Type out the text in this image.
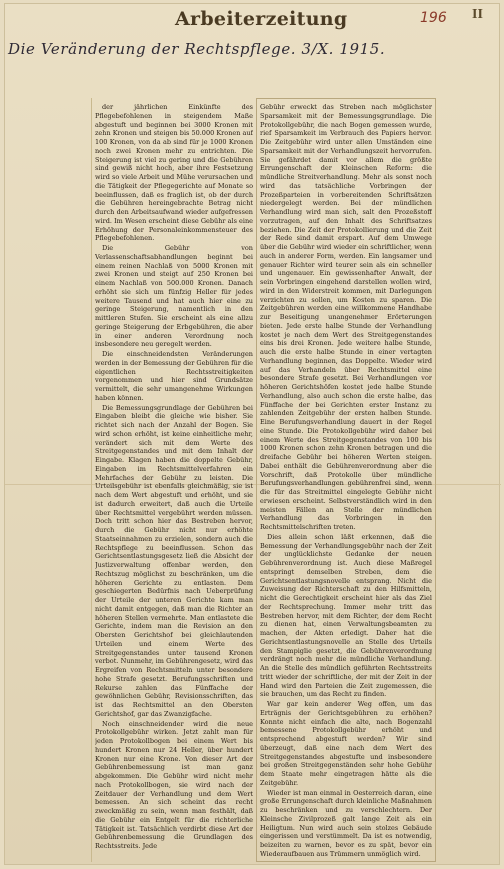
Arbeiterzeitung	196 II
Die Veränderung der Rechtspflege. 3/X. 1915.

der jährlichen Einkünfte des Pflegebefohlenen in steigendem Maße abgestuft und beginnen bei 3000 Kronen mit zehn Kronen und steigen bis 50.000 Kronen auf 100 Kronen, von da ab sind für je 1000 Kronen noch zwei Kronen mehr zu entrichten. Die Steigerung ist viel zu gering und die Gebühren sind gewiß nicht hoch, aber ihre Festsetzung wird so viele Arbeit und Mühe verursachen und die Tätigkeit der Pflegegerichte auf Monate so beeinflussen, daß es fraglich ist, ob der durch die Gebühren hereingebrachte Betrag nicht durch den Arbeitsaufwand wieder aufgefressen wird. Im Wesen erscheint diese Gebühr als eine Erhöhung der Personaleinkommensteuer des Pflegebefohlenen.

Die Gebühr von Verlassenschaftsabhandlungen beginnt bei einem reinen Nachlaß von 5000 Kronen mit zwei Kronen und steigt auf 250 Kronen bei einem Nachlaß von 500.000 Kronen. Danach erhöht sie sich um fünfzig Heller für jedes weitere Tausend und hat auch hier eine zu geringe Steigerung, namentlich in den mittleren Stufen. Sie erscheint als eine allzu geringe Steigerung der Erbgebühren, die aber in einer anderen Verordnung noch insbesondere neu geregelt werden.

Die einschneidendsten Veränderungen werden in der Bemessung der Gebühren für die eigentlichen Rechtsstreitigkeiten vorgenommen und hier sind Grundsätze vermittelt, die sehr umangenehme Wirkungen haben können.

Die Bemessungsgrundlage der Gebühren bei Eingaben bleibt die gleiche wie bisher. Sie richtet sich nach der Anzahl der Bogen. Sie wird schon erhöht, ist keine einheitliche mehr, verändert sich mit dem Werte des Streitgegenstandes und mit dem Inhalt der Eingabe. Klagen haben die doppelte Gebühr, Eingaben im Rechtsmittelverfahren ein Mehrfaches der Gebühr zu leisten. Die Urteilsgebühr ist ebenfalls gleichmäßig, sie ist nach dem Wert abgestuft und erhöht, und sie ist dadurch erweitert, daß auch die Urteile über Rechtsmittel vergebührt werden müssen. Doch tritt schon hier das Bestreben hervor, durch die Gebühr nicht nur erhöhte Staatseinnahmen zu erzielen, sondern auch die Rechtspflege zu beeinflussen. Schon das Gerichtsentlastungsgesetz ließ die Absicht der Justizverwaltung offenbar werden, den Rechtszug möglichst zu beschränken, um die höheren Gerichte zu entlasten. Dem geschiegerten Bedürfnis nach Ueberprüfung der Urteile der unteren Gerichte kam man nicht damit entgegen, daß man die Richter an höheren Stellen vermehrte. Man entlastete die Gerichte, indem man die Revision an den Obersten Gerichtshof bei gleichlautenden Urteilen und einem Werte des Streitgegenstandes unter tausend Kronen verbot. Nunmehr, im Gebührengesetz, wird das Ergreifen von Rechtsmitteln unter besondere hohe Strafe gesetzt. Berufungsschriften und Rekurse zahlen das Fünffache der gewöhnlichen Gebühr, Revisionsschriften, das ist das Rechtsmittel an den Obersten Gerichtshof, gar das Zwanzigfache.

Noch einschneidender wird die neue Protokollgebühr wirken. Jetzt zahlt man für jeden Protokollbogen bei einem Wert bis hundert Kronen nur 24 Heller, über hundert Kronen nur eine Krone. Von dieser Art der Gebührenbemessung ist man ganz abgekommen. Die Gebühr wird nicht mehr nach Protokollbogen, sie wird nach der Zeitdauer der Verhandlung und dem Wert bemessen. An sich scheint das recht zweckmäßig zu sein, wenn man festhält, daß die Gebühr ein Entgelt für die richterliche Tätigkeit ist. Tatsächlich verdirbt diese Art der Gebührenbemessung die Grundlagen des Rechtsstreits. Jede

Gebühr erweckt das Streben nach möglichster Sparsamkeit mit der Bemessungsgrundlage. Die Protokollgebühr, die nach Bogen gemessen wurde, rief Sparsamkeit im Verbrauch des Papiers hervor. Die Zeitgebühr wird unter allen Umständen eine Sparsamkeit mit der Verhandlungszeit hervorrufen. Sie gefährdet damit vor allem die größte Errungenschaft der Kleinschen Reform: die mündliche Streitverhandlung. Mehr als sonst noch wird das tatsächliche Vorbringen der Prozeßparteien in vorbereitenden Schriftsätzen niedergelegt werden. Bei der mündlichen Verhandlung wird man sich, salt den Prozeßstoff vorzutragen, auf den Inhalt des Schriftsatzes beziehen. Die Zeit der Protokollierung und die Zeit der Rede sind damit erspart. Auf dem Umwege über die Gebühr wird wieder ein schriftlicher, wenn auch in anderer Form, werden. Ein langsamer und genauer Richter wird teurer sein als ein schneller und ungenauer. Ein gewissenhafter Anwalt, der sein Vorbringen eingehend darstellen wollen wird, wird in den Widerstreit kommen, mit Darlegungen verzichten zu sollen, um Kosten zu sparen. Die Zeitgebühren werden eine willkommene Handhabe zur Beseitigung unangenehmer Erörterungen bieten. Jede erste halbe Stunde der Verhandlung kostet je nach dem Wert des Streitgegenstandes eins bis drei Kronen. Jede weitere halbe Stunde, auch die erste halbe Stunde in einer vertagten Verhandlung beginnen, das Doppelte. Wieder wird auf das Verhandeln über Rechtsmittel eine besondere Strafe gesetzt. Bei Verhandlungen vor höheren Gerichtshöfen kostet jede halbe Stunde Verhandlung, also auch schon die erste halbe, das Fünffache der bei Gerichten erster Instanz zu zahlenden Zeitgebühr der ersten halben Stunde. Eine Berufungsverhandlung dauert in der Regel eine Stunde. Die Protokollgebühr wird daher bei einem Werte des Streitgegenstandes von 100 bis 1000 Kronen schon zehn Kronen betragen und die dreifache Gebühr bei höheren Werten steigen. Dabei enthält die Gebührenverordnung aber die Vorschrift, daß Protokolle über mündliche Berufungsverhandlungen gebührenfrei sind, wenn die für das Streitmittel eingelegte Gebühr nicht erwiesen erscheint. Selbstverständlich wird in den meisten Fällen an Stelle der mündlichen Verhandlung das Vorbringen in den Rechtsmittelschriften treten.

Dies allein schon läßt erkennen, daß die Bemessung der Verhandlungsgebühr nach der Zeit der unglücklichste Gedanke der neuen Gebührenverordnung ist. Auch diese Maßregel entspringt demselben Streben, dem die Gerichtsentlastungsnovelle entsprang. Nicht die Zuweisung der Richterschaft zu den Hilfsmitteln, nicht die Gerechtigkeit erscheint hier als das Ziel der Rechtsprechung. Immer mehr tritt das Bestreben hervor, mit dem Richter, der dem Recht zu dienen hat, einen Verwaltungsbeamten zu machen, der Akten erledigt. Daher hat die Gerichtsentlastungsnovelle an Stelle des Urteils den Stampiglie gesetzt, die Gebührenverordnung verdrängt noch mehr die mündliche Verhandlung. An die Stelle des mündlich geführten Rechtsstreits tritt wieder der schriftliche, der mit der Zeit in der Hand wird den Parteien die Zeit zugemessen, die sie brauchen, um das Recht zu finden.

War gar kein anderer Weg offen, um das Erträgnis der Gerichtsgebühren zu erhöhen? Konnte nicht einfach die alte, nach Bogenzahl bemessene Protokollgebühr erhöht und entsprechend abgestuft werden? Wir sind überzeugt, daß eine nach dem Wert des Streitgegenstandes abgestufte und insbesondere bei großen Streitgegenständen sehr hohe Gebühr dem Staate mehr eingetragen hätte als die Zeitgebühr.

Wieder ist man einmal in Oesterreich daran, eine große Errungenschaft durch kleinliche Maßnahmen zu beschränken und zu verschlechtern. Der Kleinsche Zivilprozeß galt lange Zeit als ein Heiligtum. Nun wird auch sein stolzes Gebäude eingerissen und verstümmelt. Da ist es notwendig, beizeiten zu warnen, bevor es zu spät, bevor ein Wiederaufbauen aus Trümmern unmöglich wird.
